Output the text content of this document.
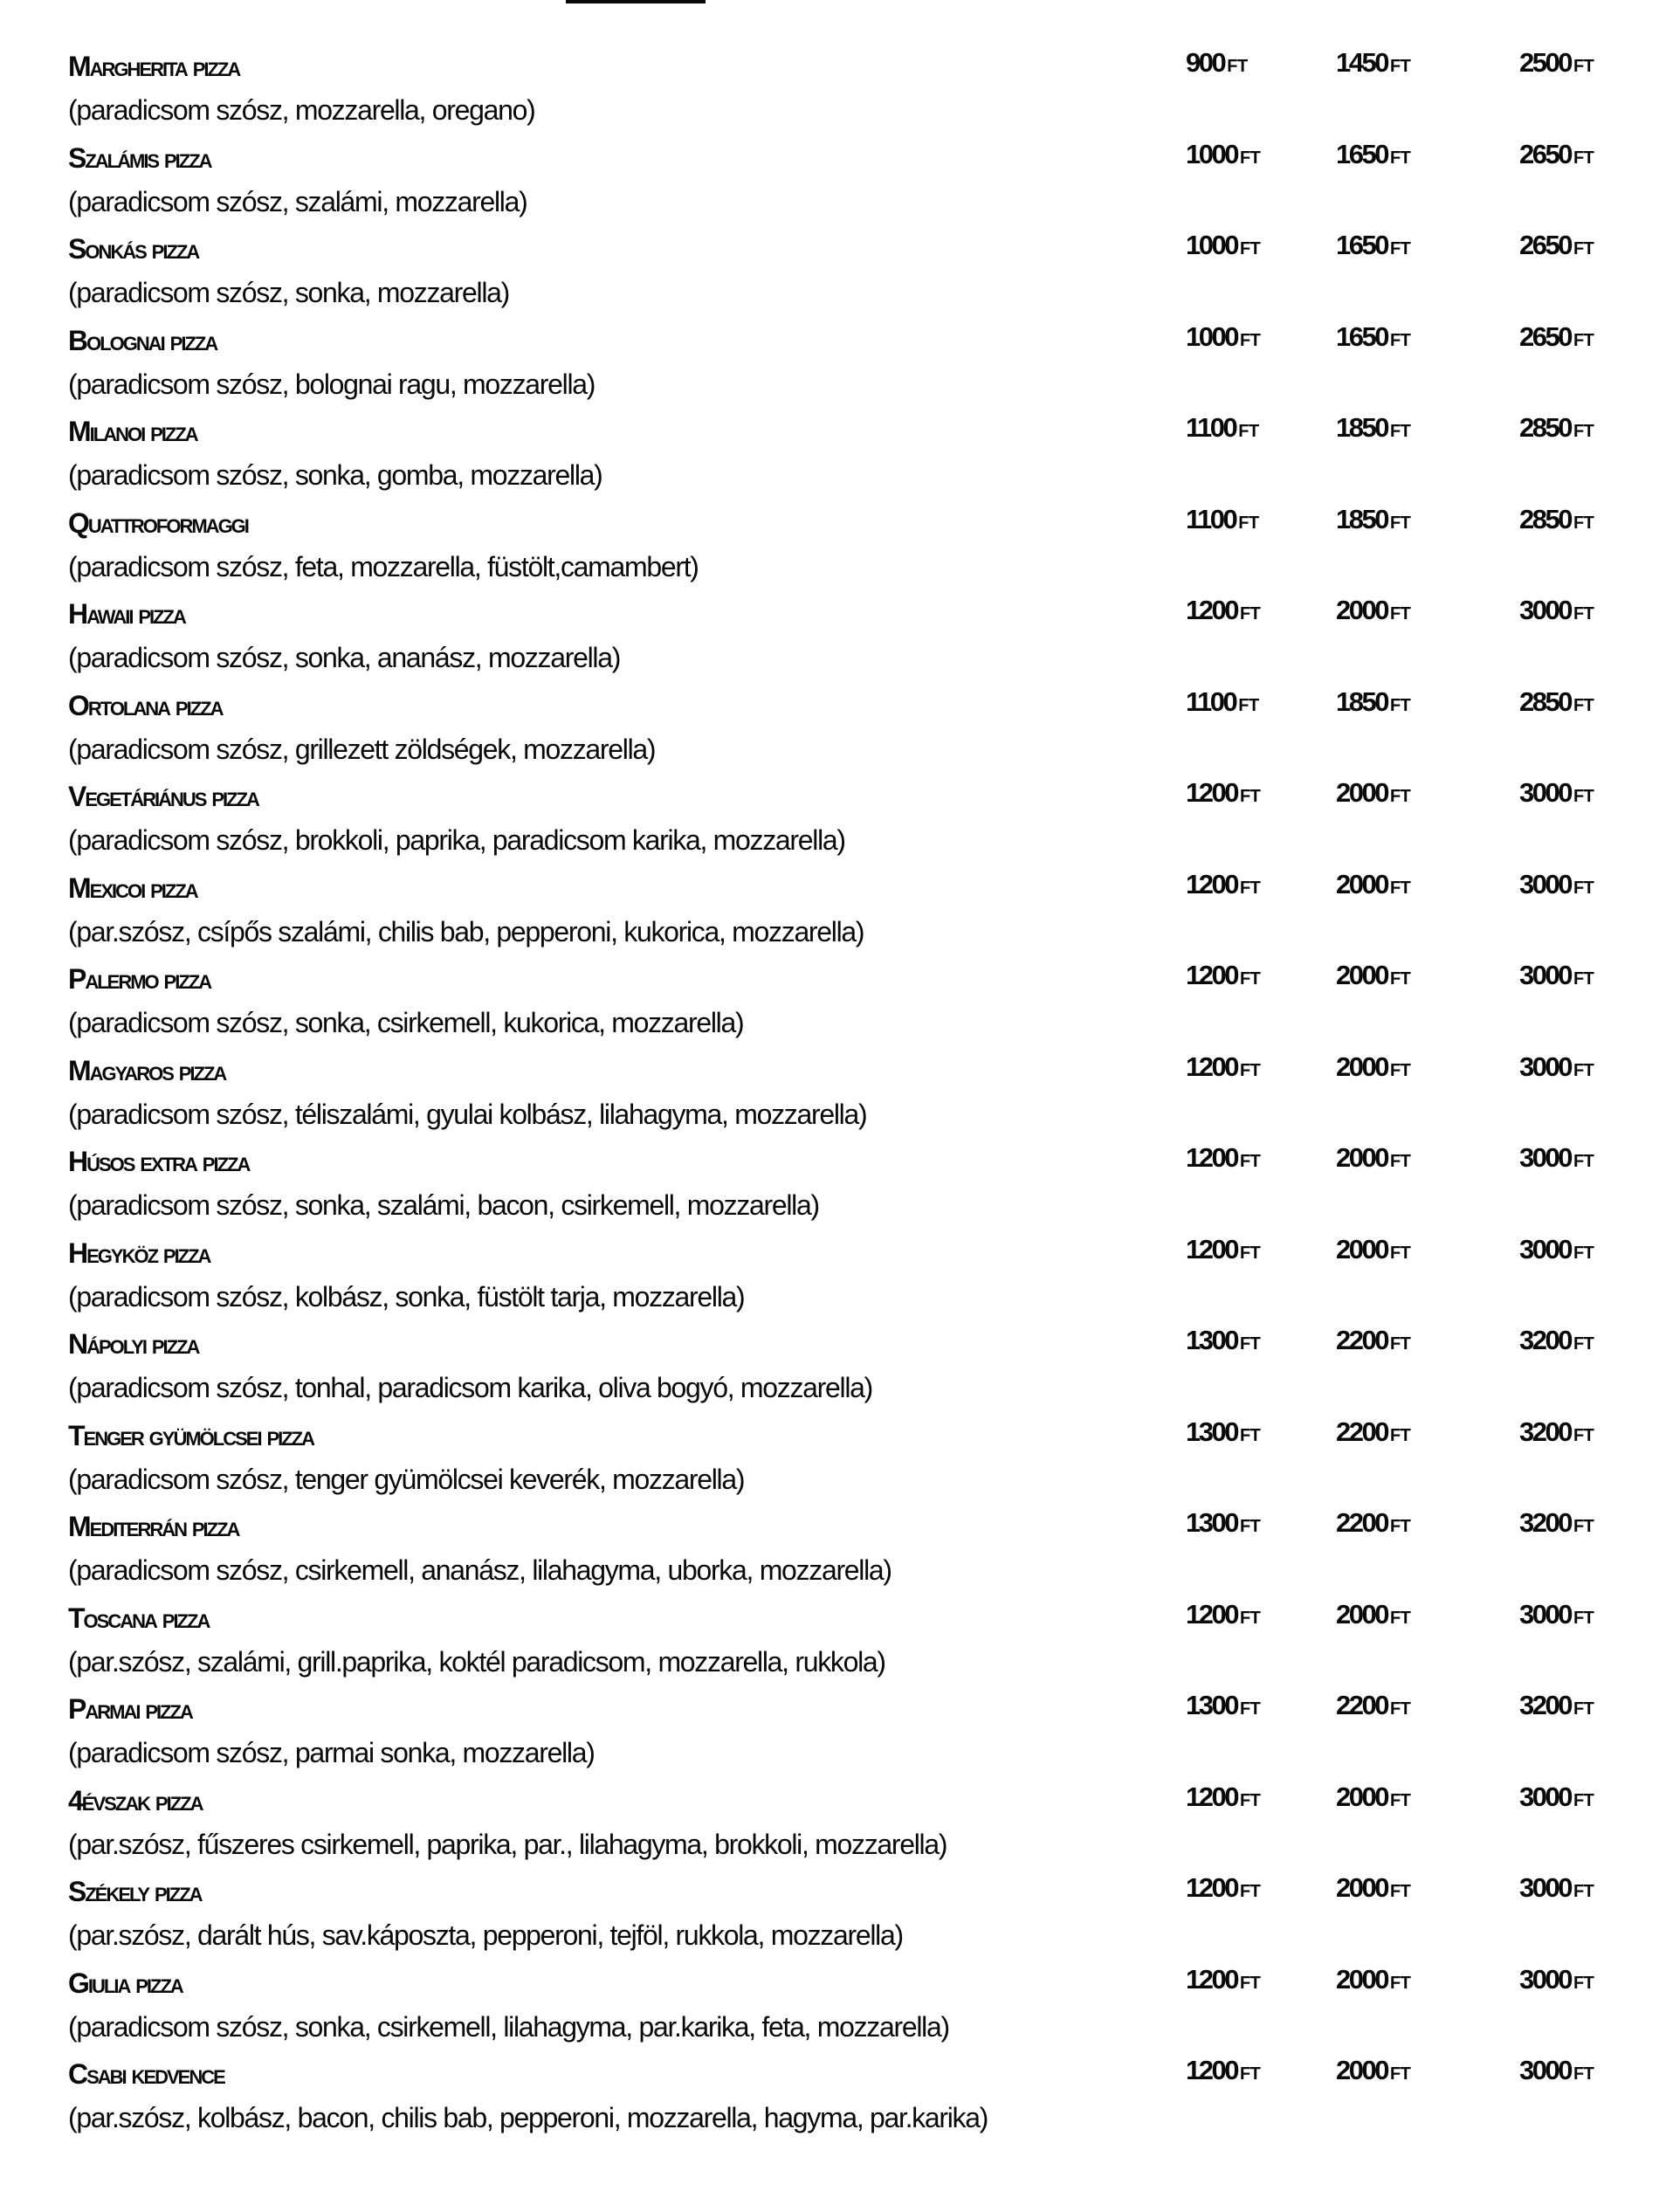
Margherita pizza
(paradicsom szósz, mozzarella, oregano)
900 FT	1450 FT	2500 FT
Szalámis pizza
(paradicsom szósz, szalámi, mozzarella)
1000 FT	1650 FT	2650 FT
Sonkás pizza
(paradicsom szósz, sonka, mozzarella)
1000 FT	1650 FT	2650 FT
Bolognai pizza
(paradicsom szósz, bolognai ragu, mozzarella)
1000 FT	1650 FT	2650 FT
Milanoi pizza
(paradicsom szósz, sonka, gomba, mozzarella)
1100 FT	1850 FT	2850 FT
Quattroformaggi
(paradicsom szósz, feta, mozzarella, füstölt,camambert)
1100 FT	1850 FT	2850 FT
Hawaii pizza
(paradicsom szósz, sonka, ananász, mozzarella)
1200 FT	2000 FT	3000 FT
Ortolana pizza
(paradicsom szósz, grillezett zöldségek, mozzarella)
1100 FT	1850 FT	2850 FT
Vegetáriánus pizza
(paradicsom szósz, brokkoli, paprika, paradicsom karika, mozzarella)
1200 FT	2000 FT	3000 FT
Mexicoi pizza
(par.szósz, csípős szalámi, chilis bab, pepperoni, kukorica, mozzarella)
1200 FT	2000 FT	3000 FT
Palermo pizza
(paradicsom szósz, sonka, csirkemell, kukorica, mozzarella)
1200 FT	2000 FT	3000 FT
Magyaros pizza
(paradicsom szósz, téliszalámi, gyulai kolbász, lilahagyma, mozzarella)
1200 FT	2000 FT	3000 FT
Húsos extra pizza
(paradicsom szósz, sonka, szalámi, bacon, csirkemell, mozzarella)
1200 FT	2000 FT	3000 FT
Hegyköz pizza
(paradicsom szósz, kolbász, sonka, füstölt tarja, mozzarella)
1200 FT	2000 FT	3000 FT
Nápolyi pizza
(paradicsom szósz, tonhal, paradicsom karika, oliva bogyó, mozzarella)
1300 FT	2200 FT	3200 FT
Tenger gyümölcsei pizza
(paradicsom szósz, tenger gyümölcsei keverék, mozzarella)
1300 FT	2200 FT	3200 FT
Mediterrán pizza
(paradicsom szósz, csirkemell, ananász, lilahagyma, uborka, mozzarella)
1300 FT	2200 FT	3200 FT
Toscana pizza
(par.szósz, szalámi, grill.paprika, koktél paradicsom, mozzarella, rukkola)
1200 FT	2000 FT	3000 FT
Parmai pizza
(paradicsom szósz, parmai sonka, mozzarella)
1300 FT	2200 FT	3200 FT
4évszak pizza
(par.szósz, fűszeres csirkemell, paprika, par., lilahagyma, brokkoli, mozzarella)
1200 FT	2000 FT	3000 FT
Székely pizza
(par.szósz, darált hús, sav.káposzta, pepperoni, tejföl, rukkola, mozzarella)
1200 FT	2000 FT	3000 FT
Giulia pizza
(paradicsom szósz, sonka, csirkemell, lilahagyma, par.karika, feta, mozzarella)
1200 FT	2000 FT	3000 FT
Csabi kedvence
(par.szósz, kolbász, bacon, chilis bab, pepperoni, mozzarella, hagyma, par.karika)
1200 FT	2000 FT	3000 FT
